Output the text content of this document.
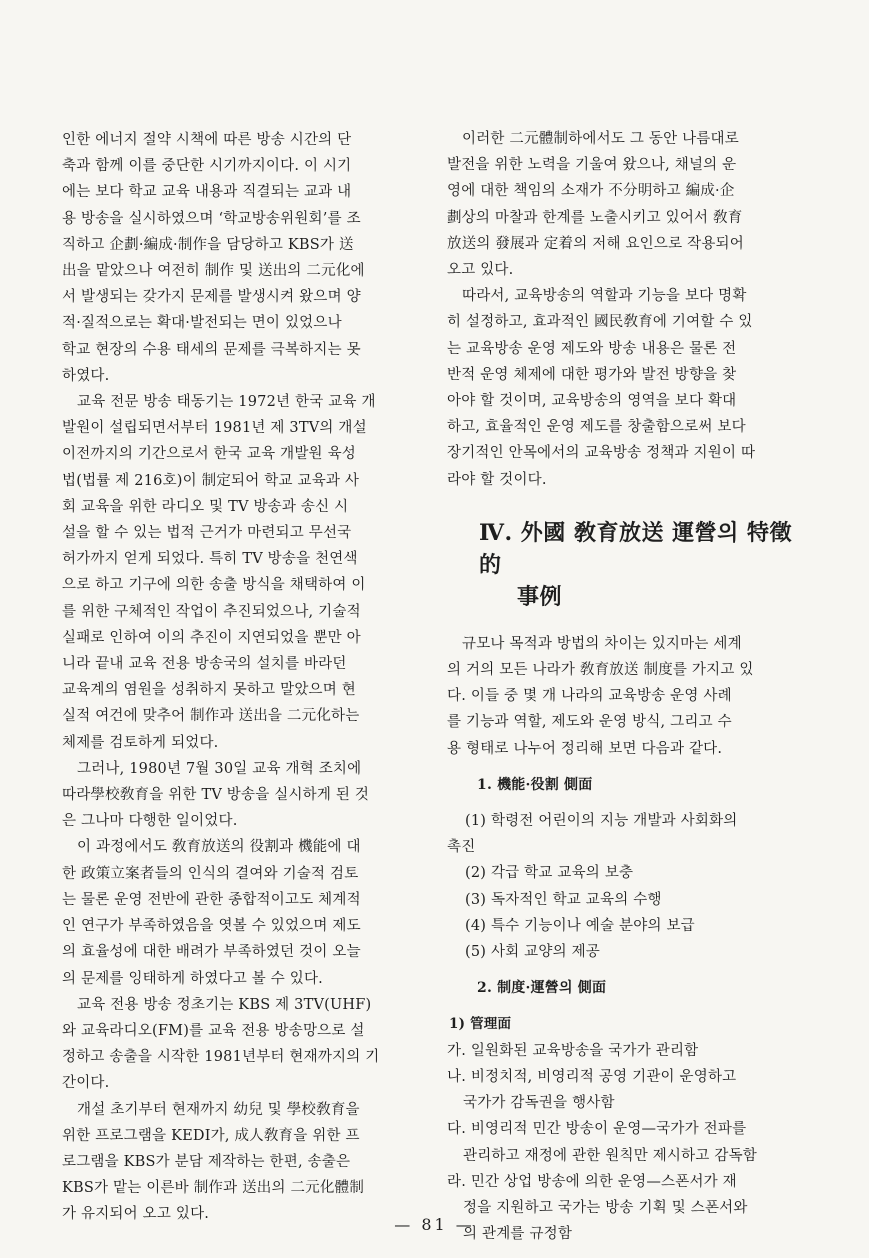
인한 에너지 절약 시책에 따른 방송 시간의 단
축과 함께 이를 중단한 시기까지이다. 이 시기
에는 보다 학교 교육 내용과 직결되는 교과 내
용 방송을 실시하였으며 ‘학교방송위원회’를 조
직하고 企劃·編成·制作을 담당하고 KBS가 送
出을 맡았으나 여전히 制作 및 送出의 二元化에
서 발생되는 갖가지 문제를 발생시켜 왔으며 양
적·질적으로는 확대·발전되는 면이 있었으나
학교 현장의 수용 태세의 문제를 극복하지는 못
하였다.
교육 전문 방송 태동기는 1972년 한국 교육 개
발원이 설립되면서부터 1981년 제 3TV의 개설
이전까지의 기간으로서 한국 교육 개발원 육성
법(법률 제 216호)이 制定되어 학교 교육과 사
회 교육을 위한 라디오 및 TV 방송과 송신 시
설을 할 수 있는 법적 근거가 마련되고 무선국
허가까지 얻게 되었다. 특히 TV 방송을 천연색
으로 하고 기구에 의한 송출 방식을 채택하여 이
를 위한 구체적인 작업이 추진되었으나, 기술적
실패로 인하여 이의 추진이 지연되었을 뿐만 아
니라 끝내 교육 전용 방송국의 설치를 바라던
교육계의 염원을 성취하지 못하고 말았으며 현
실적 여건에 맞추어 制作과 送出을 二元化하는
체제를 검토하게 되었다.
그러나, 1980년 7월 30일 교육 개혁 조치에
따라學校敎育을 위한 TV 방송을 실시하게 된 것
은 그나마 다행한 일이었다.
이 과정에서도 敎育放送의 役割과 機能에 대
한 政策立案者들의 인식의 결여와 기술적 검토
는 물론 운영 전반에 관한 종합적이고도 체계적
인 연구가 부족하였음을 엿볼 수 있었으며 제도
의 효율성에 대한 배려가 부족하였던 것이 오늘
의 문제를 잉태하게 하였다고 볼 수 있다.
교육 전용 방송 정초기는 KBS 제 3TV(UHF)
와 교육라디오(FM)를 교육 전용 방송망으로 설
정하고 송출을 시작한 1981년부터 현재까지의 기
간이다.
개설 초기부터 현재까지 幼兒 및 學校敎育을
위한 프로그램을 KEDI가, 成人敎育을 위한 프
로그램을 KBS가 분담 제작하는 한편, 송출은
KBS가 맡는 이른바 制作과 送出의 二元化體制
가 유지되어 오고 있다.
이러한 二元體制하에서도 그 동안 나름대로
발전을 위한 노력을 기울여 왔으나, 채널의 운
영에 대한 책임의 소재가 不分明하고 編成·企
劃상의 마찰과 한계를 노출시키고 있어서 敎育
放送의 發展과 定着의 저해 요인으로 작용되어
오고 있다.
따라서, 교육방송의 역할과 기능을 보다 명확
히 설정하고, 효과적인 國民敎育에 기여할 수 있
는 교육방송 운영 제도와 방송 내용은 물론 전
반적 운영 체제에 대한 평가와 발전 방향을 찾
아야 할 것이며, 교육방송의 영역을 보다 확대
하고, 효율적인 운영 제도를 창출함으로써 보다
장기적인 안목에서의 교육방송 정책과 지원이 따
라야 할 것이다.
Ⅳ. 外國 敎育放送 運營의 特徵的
事例
규모나 목적과 방법의 차이는 있지마는 세계
의 거의 모든 나라가 敎育放送 制度를 가지고 있
다. 이들 중 몇 개 나라의 교육방송 운영 사례
를 기능과 역할, 제도와 운영 방식, 그리고 수
용 형태로 나누어 정리해 보면 다음과 같다.
1. 機能·役割 側面
(1) 학령전 어린이의 지능 개발과 사회화의
촉진
(2) 각급 학교 교육의 보충
(3) 독자적인 학교 교육의 수행
(4) 특수 기능이나 예술 분야의 보급
(5) 사회 교양의 제공
2. 制度·運營의 側面
1) 管理面
가. 일원화된 교육방송을 국가가 관리함
나. 비정치적, 비영리적 공영 기관이 운영하고
국가가 감독권을 행사함
다. 비영리적 민간 방송이 운영—국가가 전파를
관리하고 재정에 관한 원칙만 제시하고 감독함
라. 민간 상업 방송에 의한 운영—스폰서가 재
정을 지원하고 국가는 방송 기획 및 스폰서와
의 관계를 규정함
— 81 —
